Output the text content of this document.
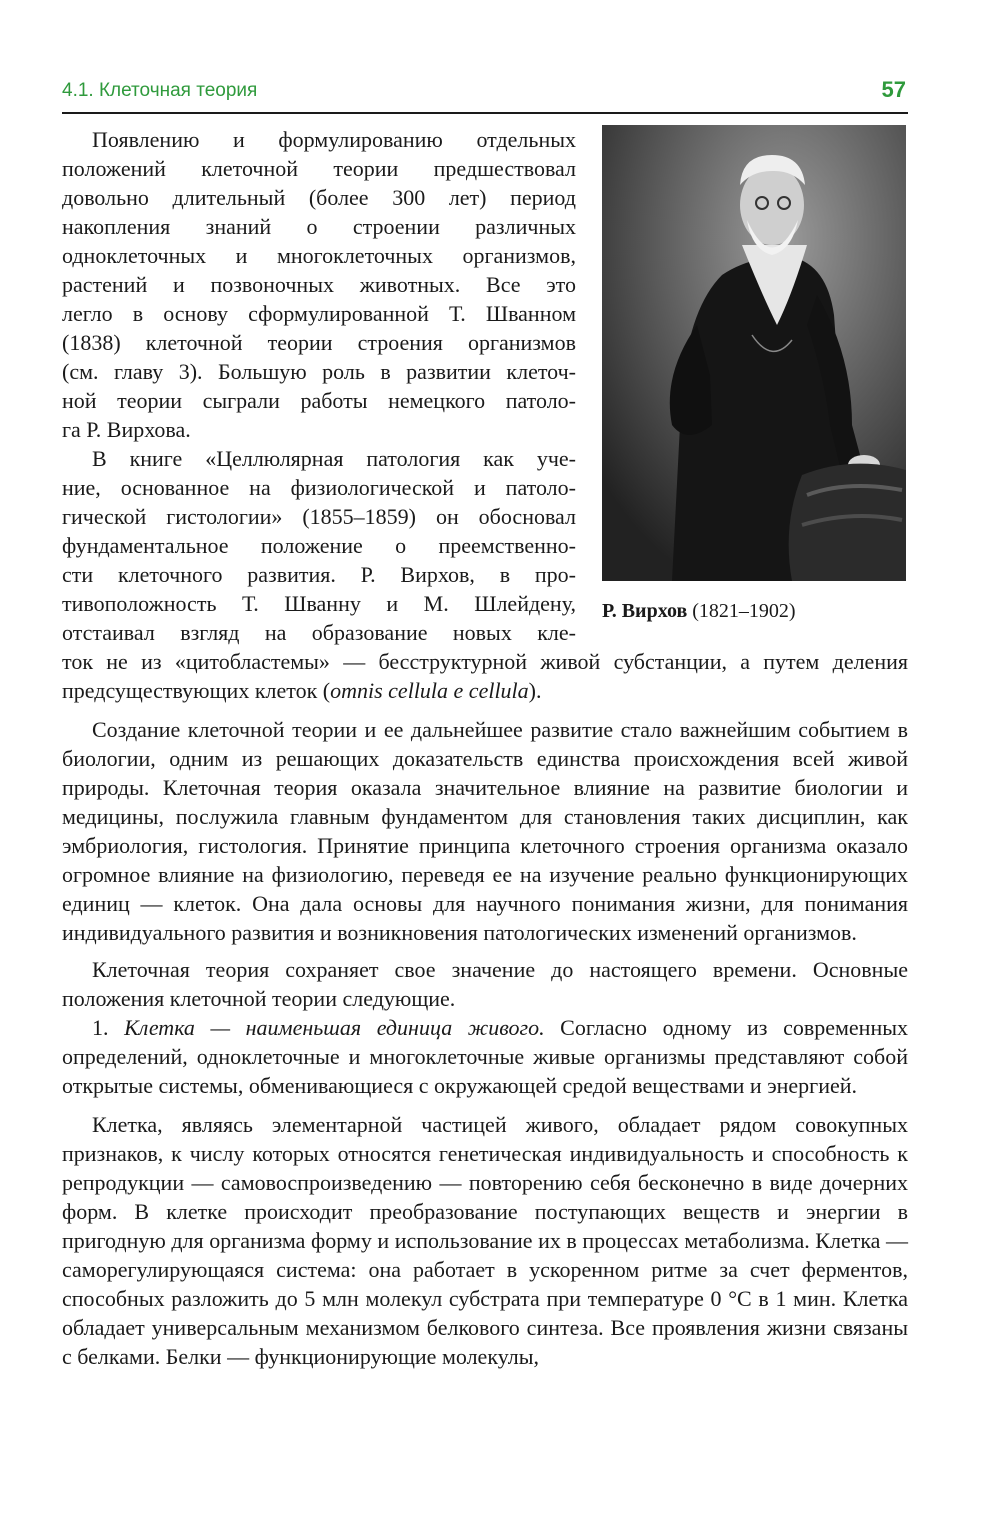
4.1. Клеточная теория	57
Р. Вирхов (1821–1902)
Появлению и формулированию отдельных
положений клеточной теории предшествовал
довольно длительный (более 300 лет) период
накопления знаний о строении различных
одноклеточных и многоклеточных организмов,
растений и позвоночных животных. Все это
легло в основу сформулированной Т. Шванном
(1838) клеточной теории строения организмов
(см. главу 3). Большую роль в развитии клеточ-
ной теории сыграли работы немецкого патоло-
га Р. Вирхова.
В книге «Целлюлярная патология как уче-
ние, основанное на физиологической и патоло-
гической гистологии» (1855–1859) он обосновал
фундаментальное положение о преемственно-
сти клеточного развития. Р. Вирхов, в про-
тивоположность Т. Шванну и М. Шлейдену,
отстаивал взгляд на образование новых кле-

ток не из «цитобластемы» — бесструктурной живой субстанции, а путем деления предсуществующих клеток (omnis cellula e cellula).

Создание клеточной теории и ее дальнейшее развитие стало важнейшим событием в биологии, одним из решающих доказательств единства происхождения всей живой природы. Клеточная теория оказала значительное влияние на развитие биологии и медицины, послужила главным фундаментом для становления таких дисциплин, как эмбриология, гистология. Принятие принципа клеточного строения организма оказало огромное влияние на физиологию, переведя ее на изучение реально функционирующих единиц — клеток. Она дала основы для научного понимания жизни, для понимания индивидуального развития и возникновения патологических изменений организмов.

Клеточная теория сохраняет свое значение до настоящего времени. Основные положения клеточной теории следующие.

1. Клетка — наименьшая единица живого. Согласно одному из современных определений, одноклеточные и многоклеточные живые организмы представляют собой открытые системы, обменивающиеся с окружающей средой веществами и энергией.

Клетка, являясь элементарной частицей живого, обладает рядом совокупных признаков, к числу которых относятся генетическая индивидуальность и способность к репродукции — самовоспроизведению — повторению себя бесконечно в виде дочерних форм. В клетке происходит преобразование поступающих веществ и энергии в пригодную для организма форму и использование их в процессах метаболизма. Клетка — саморегулирующаяся система: она работает в ускоренном ритме за счет ферментов, способных разложить до 5 млн молекул субстрата при температуре 0 °С в 1 мин. Клетка обладает универсальным механизмом белкового синтеза. Все проявления жизни связаны с белками. Белки — функционирующие молекулы,
